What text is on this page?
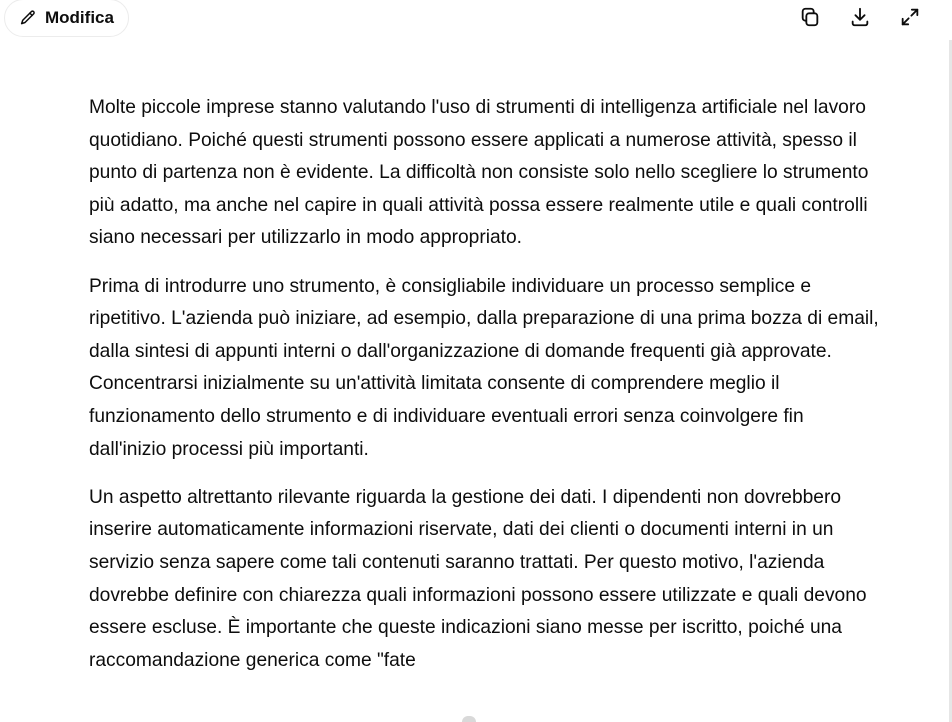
Modifica

Molte piccole imprese stanno valutando l'uso di strumenti di intelligenza artificiale nel lavoro quotidiano. Poiché questi strumenti possono essere applicati a numerose attività, spesso il punto di partenza non è evidente. La difficoltà non consiste solo nello scegliere lo strumento più adatto, ma anche nel capire in quali attività possa essere realmente utile e quali controlli siano necessari per utilizzarlo in modo appropriato.

Prima di introdurre uno strumento, è consigliabile individuare un processo semplice e ripetitivo. L'azienda può iniziare, ad esempio, dalla preparazione di una prima bozza di email, dalla sintesi di appunti interni o dall'organizzazione di domande frequenti già approvate. Concentrarsi inizialmente su un'attività limitata consente di comprendere meglio il funzionamento dello strumento e di individuare eventuali errori senza coinvolgere fin dall'inizio processi più importanti.

Un aspetto altrettanto rilevante riguarda la gestione dei dati. I dipendenti non dovrebbero inserire automaticamente informazioni riservate, dati dei clienti o documenti interni in un servizio senza sapere come tali contenuti saranno trattati. Per questo motivo, l'azienda dovrebbe definire con chiarezza quali informazioni possono essere utilizzate e quali devono essere escluse. È importante che queste indicazioni siano messe per iscritto, poiché una raccomandazione generica come "fate
